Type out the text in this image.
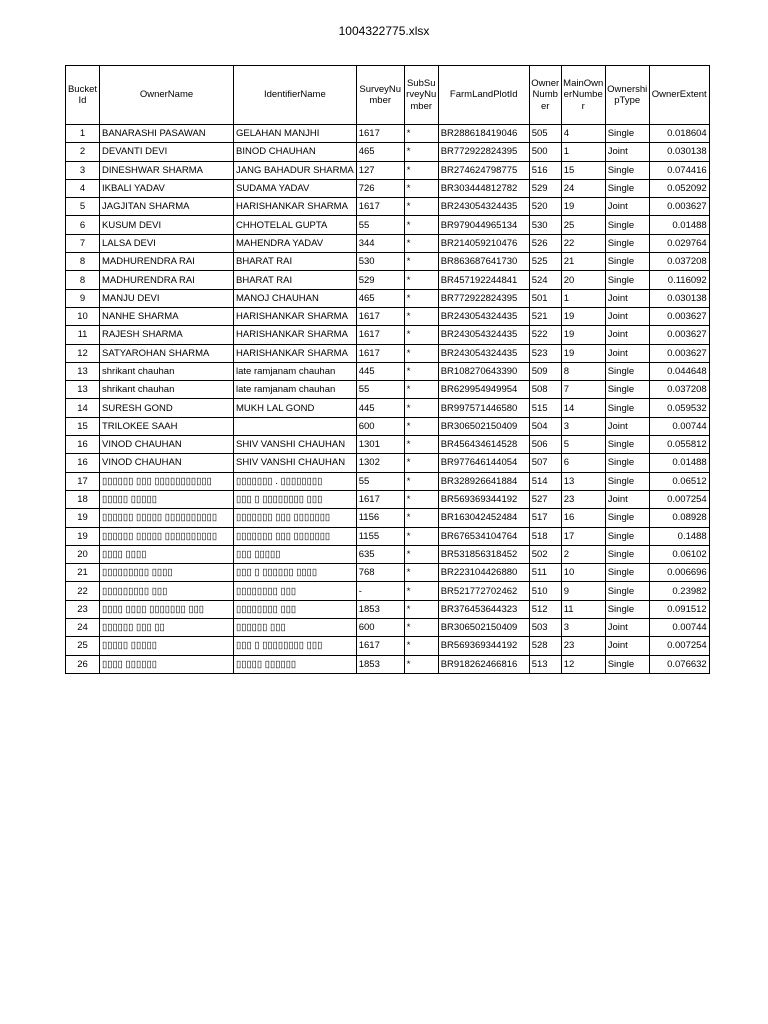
1004322775.xlsx
Bucket Id	OwnerName	IdentifierName	SurveyNumber	SubSurveyNumber	FarmLandPlotId	OwnerNumber	MainOwnerNumber	OwnershipType	OwnerExtent
1	BANARASHI PASAWAN	GELAHAN MANJHI	1617	*	BR288618419046	505	4	Single	0.018604
2	DEVANTI DEVI	BINOD CHAUHAN	465	*	BR772922824395	500	1	Joint	0.030138
3	DINESHWAR SHARMA	JANG BAHADUR SHARMA	127	*	BR274624798775	516	15	Single	0.074416
4	IKBALI YADAV	SUDAMA YADAV	726	*	BR303444812782	529	24	Single	0.052092
5	JAGJITAN SHARMA	HARISHANKAR SHARMA	1617	*	BR243054324435	520	19	Joint	0.003627
6	KUSUM DEVI	CHHOTELAL GUPTA	55	*	BR979044965134	530	25	Single	0.01488
7	LALSA DEVI	MAHENDRA YADAV	344	*	BR214059210476	526	22	Single	0.029764
8	MADHURENDRA RAI	BHARAT RAI	530	*	BR863687641730	525	21	Single	0.037208
8	MADHURENDRA RAI	BHARAT RAI	529	*	BR457192244841	524	20	Single	0.116092
9	MANJU DEVI	MANOJ CHAUHAN	465	*	BR772922824395	501	1	Joint	0.030138
10	NANHE SHARMA	HARISHANKAR SHARMA	1617	*	BR243054324435	521	19	Joint	0.003627
11	RAJESH SHARMA	HARISHANKAR SHARMA	1617	*	BR243054324435	522	19	Joint	0.003627
12	SATYAROHAN SHARMA	HARISHANKAR SHARMA	1617	*	BR243054324435	523	19	Joint	0.003627
13	shrikant chauhan	late ramjanam chauhan	445	*	BR108270643390	509	8	Single	0.044648
13	shrikant chauhan	late ramjanam chauhan	55	*	BR629954949954	508	7	Single	0.037208
14	SURESH GOND	MUKH LAL GOND	445	*	BR997571446580	515	14	Single	0.059532
15	TRILOKEE SAAH		600	*	BR306502150409	504	3	Joint	0.00744
16	VINOD CHAUHAN	SHIV VANSHI CHAUHAN	1301	*	BR456434614528	506	5	Single	0.055812
16	VINOD CHAUHAN	SHIV VANSHI CHAUHAN	1302	*	BR977646144054	507	6	Single	0.01488
17	▯▯▯▯▯▯ ▯▯▯ ▯▯▯▯▯▯▯▯▯▯▯	▯▯▯▯▯▯▯ . ▯▯▯▯▯▯▯▯	55	*	BR328926641884	514	13	Single	0.06512
18	▯▯▯▯▯ ▯▯▯▯▯	▯▯▯ ▯ ▯▯▯▯▯▯▯▯ ▯▯▯	1617	*	BR569369344192	527	23	Joint	0.007254
19	▯▯▯▯▯▯ ▯▯▯▯▯ ▯▯▯▯▯▯▯▯▯▯	▯▯▯▯▯▯▯ ▯▯▯ ▯▯▯▯▯▯▯	1156	*	BR163042452484	517	16	Single	0.08928
19	▯▯▯▯▯▯ ▯▯▯▯▯ ▯▯▯▯▯▯▯▯▯▯	▯▯▯▯▯▯▯ ▯▯▯ ▯▯▯▯▯▯▯	1155	*	BR676534104764	518	17	Single	0.1488
20	▯▯▯▯ ▯▯▯▯	▯▯▯ ▯▯▯▯▯	635	*	BR531856318452	502	2	Single	0.06102
21	▯▯▯▯▯▯▯▯▯ ▯▯▯▯	▯▯▯ ▯ ▯▯▯▯▯▯ ▯▯▯▯	768	*	BR223104426880	511	10	Single	0.006696
22	▯▯▯▯▯▯▯▯▯ ▯▯▯	▯▯▯▯▯▯▯▯ ▯▯▯	-	*	BR521772702462	510	9	Single	0.23982
23	▯▯▯▯ ▯▯▯▯ ▯▯▯▯▯▯▯ ▯▯▯	▯▯▯▯▯▯▯▯ ▯▯▯	1853	*	BR376453644323	512	11	Single	0.091512
24	▯▯▯▯▯▯ ▯▯▯ ▯▯	▯▯▯▯▯▯ ▯▯▯	600	*	BR306502150409	503	3	Joint	0.00744
25	▯▯▯▯▯ ▯▯▯▯▯	▯▯▯ ▯ ▯▯▯▯▯▯▯▯ ▯▯▯	1617	*	BR569369344192	528	23	Joint	0.007254
26	▯▯▯▯ ▯▯▯▯▯▯	▯▯▯▯▯ ▯▯▯▯▯▯	1853	*	BR918262466816	513	12	Single	0.076632
